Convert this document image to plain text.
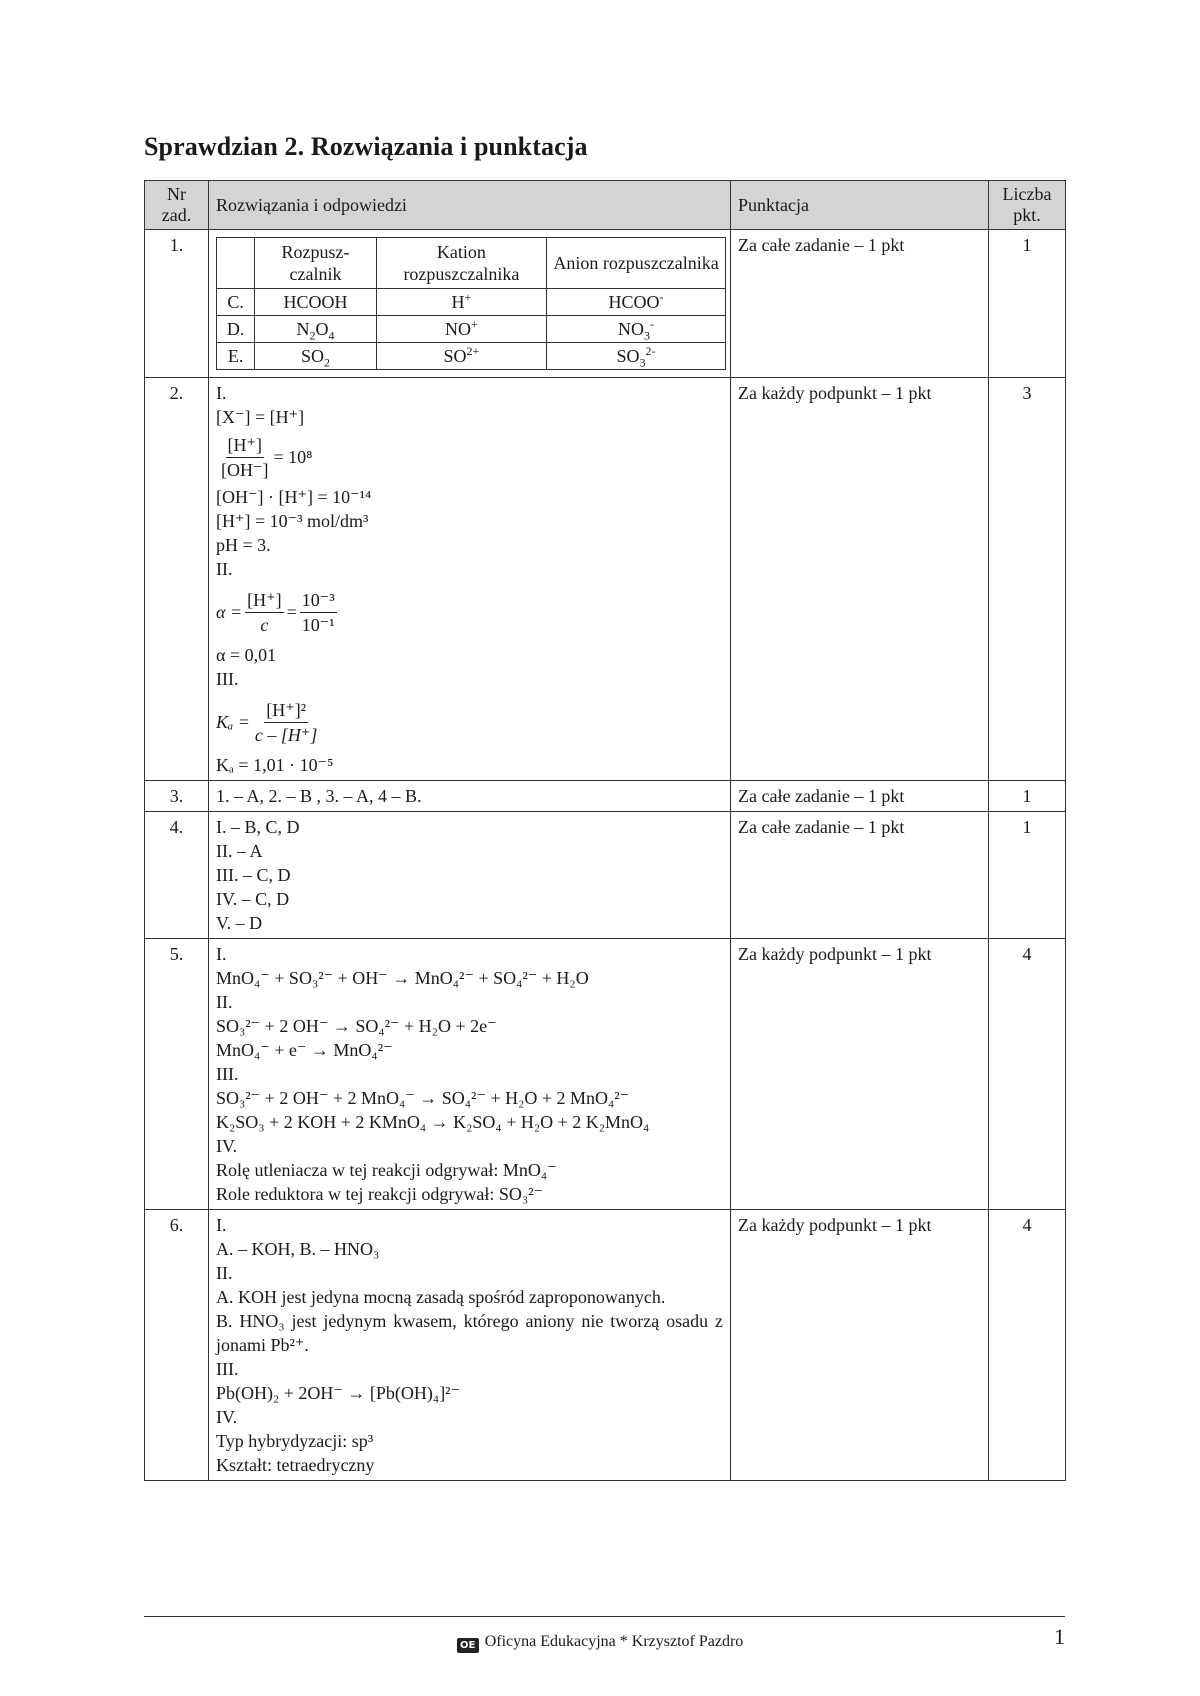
Sprawdzian 2. Rozwiązania i punktacja
Nr zad.	Rozwiązania i odpowiedzi	Punktacja	Liczba pkt.
1.	
		Rozpusz-czalnik	Kation rozpuszczalnika	Anion rozpuszczalnika
C.	HCOOH	H+	HCOO-
D.	$N_2O_4$	NO+	$NO_3^-$
E.	$SO_2$	$SO^{2+}$	$SO_3^{2-}$
	Za całe zadanie – 1 pkt	1
2.	I.
[X⁻] = [H⁺]
$\frac{[H^+]}{[OH^-]} = 10^8$
[OH⁻] · [H⁺] = 10⁻¹⁴
[H⁺] = 10⁻³ mol/dm³
pH = 3.
II.
$\alpha = \frac{[H^+]}{c} = \frac{\text{10⁻³}}{\text{10⁻¹}}$
α = 0,01
III.
$K_a = \frac{\text{[H⁺]²}}{c - [H^+]}$
Kₐ = 1,01 · 10⁻⁵
	Za każdy podpunkt – 1 pkt	3
3.	1. – A, 2. – B , 3. – A, 4 – B.	Za całe zadanie – 1 pkt	1
4.	I. – B, C, D
II. – A
III. – C, D
IV. – C, D
V. – D
	Za całe zadanie – 1 pkt	1
5.	I.
MnO₄⁻ + SO₃²⁻ + OH⁻ → MnO₄²⁻ + SO₄²⁻ + H₂O
II.
SO₃²⁻ + 2 OH⁻ → SO₄²⁻ + H₂O + 2e⁻
MnO₄⁻ + e⁻ → MnO₄²⁻
III.
SO₃²⁻ + 2 OH⁻ + 2 MnO₄⁻ → SO₄²⁻ + H₂O + 2 MnO₄²⁻
K₂SO₃ + 2 KOH + 2 KMnO₄ → K₂SO₄ + H₂O + 2 K₂MnO₄
IV.
Rolę utleniacza w tej reakcji odgrywał: MnO₄⁻
Role reduktora w tej reakcji odgrywał: SO₃²⁻
	Za każdy podpunkt – 1 pkt	4
6.	I.
A. – KOH, B. – HNO₃
II.
A. KOH jest jedyna mocną zasadą spośród zaproponowanych.
B. HNO₃ jest jedynym kwasem, którego aniony nie tworzą osadu z jonami Pb²⁺.
III.
Pb(OH)₂ + 2OH⁻ → [Pb(OH)₄]²⁻
IV.
Typ hybrydyzacji: sp³
Kształt: tetraedryczny
	Za każdy podpunkt – 1 pkt	4
OE Oficyna Edukacyjna * Krzysztof Pazdro	1
